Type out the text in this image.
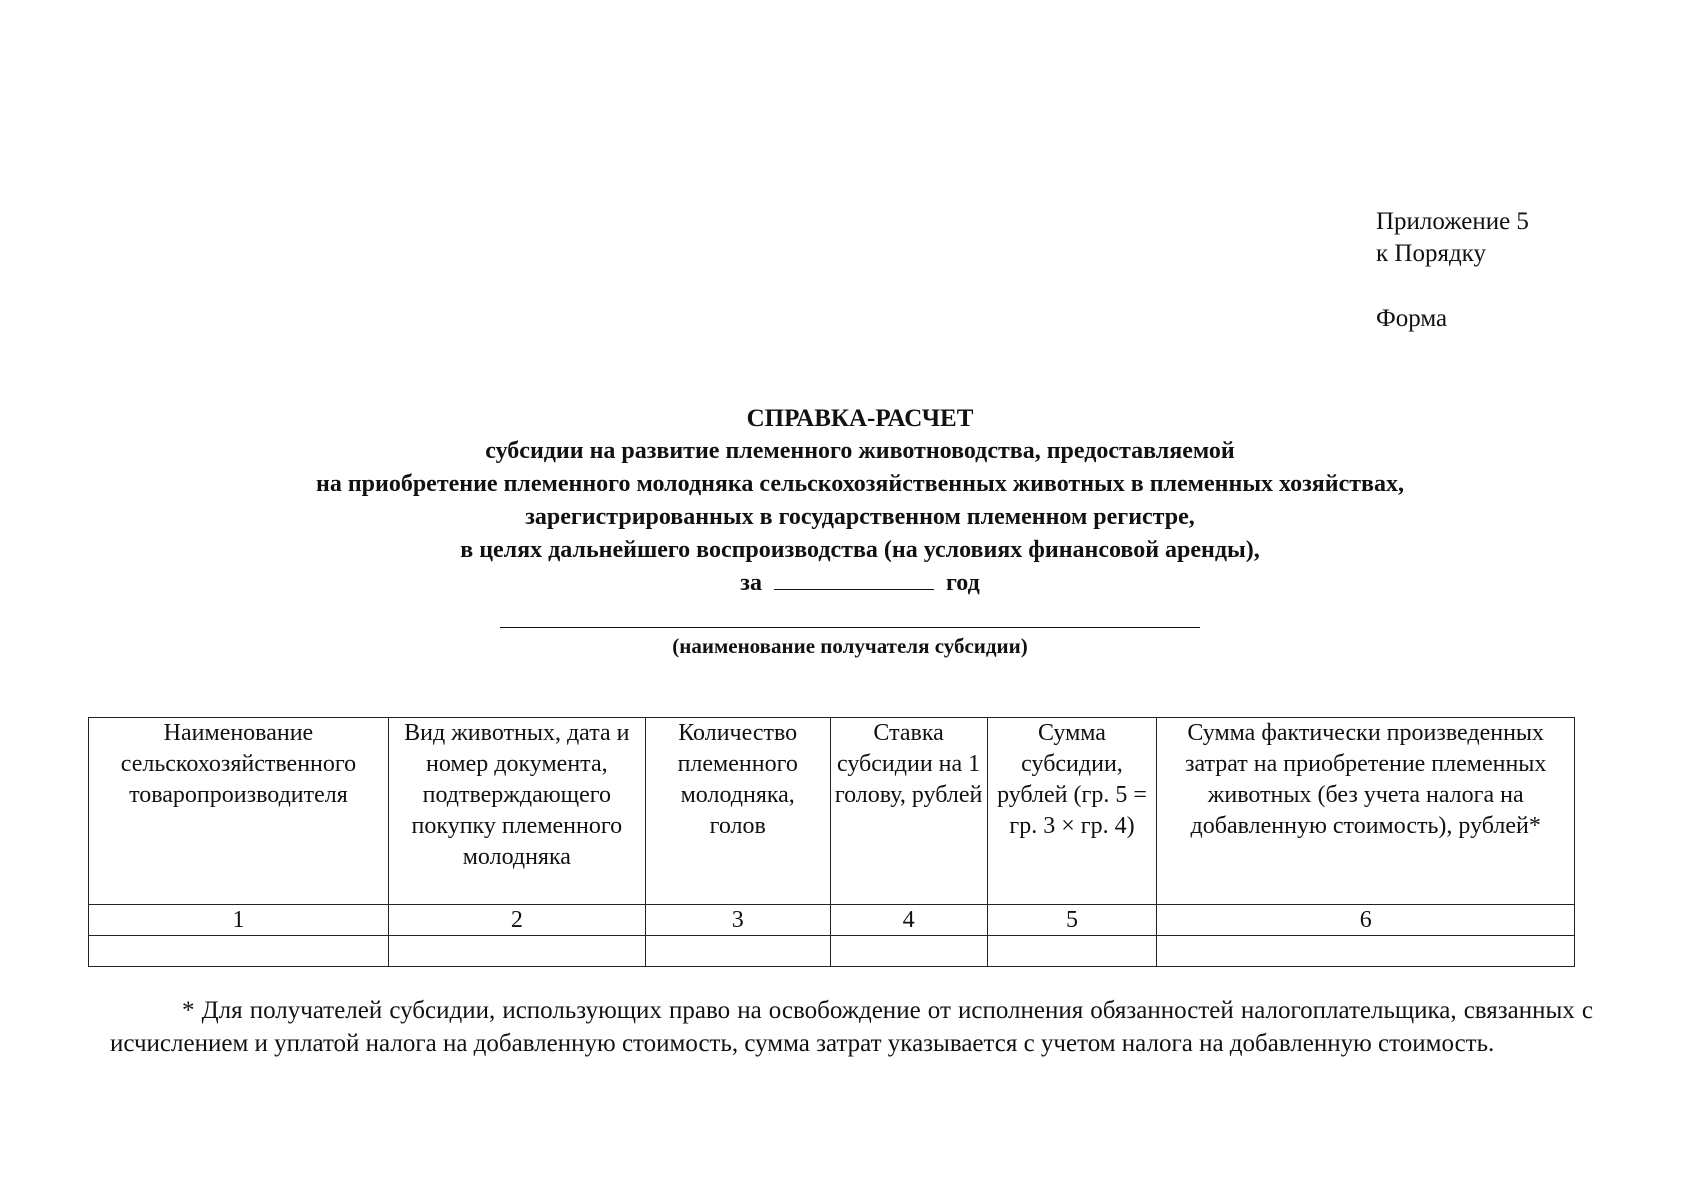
Приложение 5
к Порядку
Форма
СПРАВКА-РАСЧЕТ
субсидии на развитие племенного животноводства, предоставляемой
на приобретение племенного молодняка сельскохозяйственных животных в племенных хозяйствах,
зарегистрированных в государственном племенном регистре,
в целях дальнейшего воспроизводства (на условиях финансовой аренды),
за	год
(наименование получателя субсидии)
Наименование сельскохозяйственного товаропроизводителя	Вид животных, дата и номер документа, подтверждающего покупку племенного молодняка	Количество племенного молодняка, голов	Ставка субсидии на 1 голову, рублей	Сумма субсидии, рублей (гр. 5 = гр. 3 × гр. 4)	Сумма фактически произведенных затрат на приобретение племенных животных (без учета налога на добавленную стоимость), рублей*
1	2	3	4	5	6

* Для получателей субсидии, использующих право на освобождение от исполнения обязанностей налогоплательщика, связанных с исчислением и уплатой налога на добавленную стоимость, сумма затрат указывается с учетом налога на добавленную стоимость.
